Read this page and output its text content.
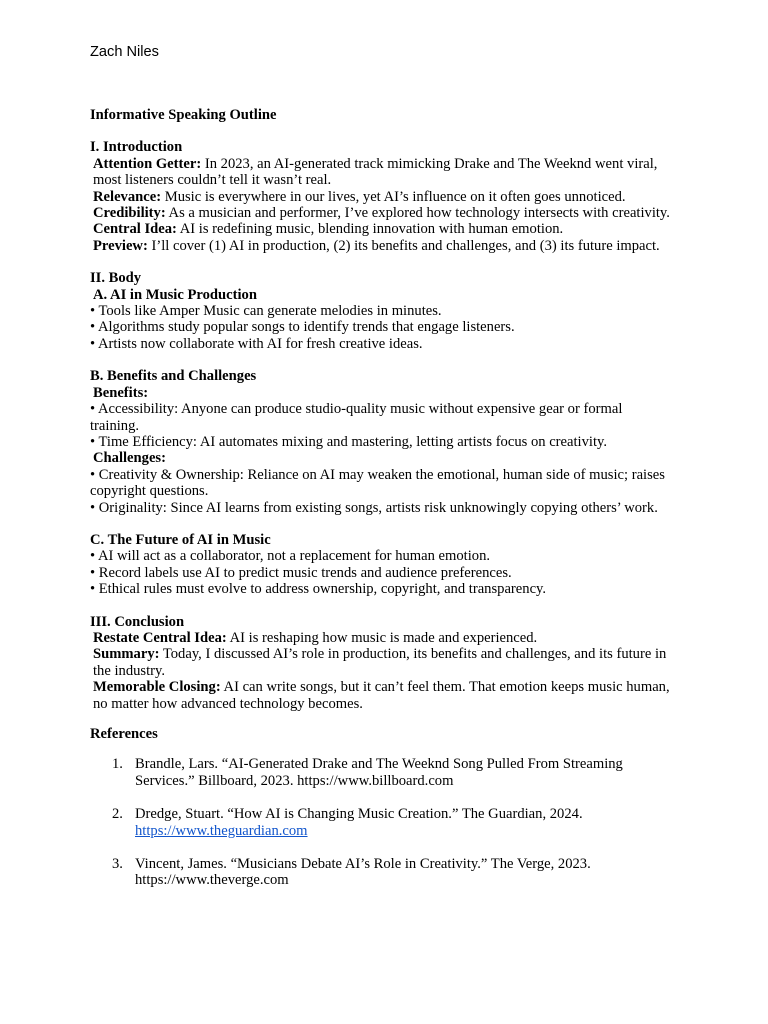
Zach Niles
Informative Speaking Outline
I. Introduction
Attention Getter: In 2023, an AI-generated track mimicking Drake and The Weeknd went viral, most listeners couldn’t tell it wasn’t real.
Relevance: Music is everywhere in our lives, yet AI’s influence on it often goes unnoticed.
Credibility: As a musician and performer, I’ve explored how technology intersects with creativity.
Central Idea: AI is redefining music, blending innovation with human emotion.
Preview: I’ll cover (1) AI in production, (2) its benefits and challenges, and (3) its future impact.
II. Body
A. AI in Music Production
• Tools like Amper Music can generate melodies in minutes.
• Algorithms study popular songs to identify trends that engage listeners.
• Artists now collaborate with AI for fresh creative ideas.
B. Benefits and Challenges
Benefits:
• Accessibility: Anyone can produce studio-quality music without expensive gear or formal training.
• Time Efficiency: AI automates mixing and mastering, letting artists focus on creativity.
Challenges:
• Creativity & Ownership: Reliance on AI may weaken the emotional, human side of music; raises copyright questions.
• Originality: Since AI learns from existing songs, artists risk unknowingly copying others’ work.
C. The Future of AI in Music
• AI will act as a collaborator, not a replacement for human emotion.
• Record labels use AI to predict music trends and audience preferences.
• Ethical rules must evolve to address ownership, copyright, and transparency.
III. Conclusion
Restate Central Idea: AI is reshaping how music is made and experienced.
Summary: Today, I discussed AI’s role in production, its benefits and challenges, and its future in the industry.
Memorable Closing: AI can write songs, but it can’t feel them. That emotion keeps music human, no matter how advanced technology becomes.
References
1. Brandle, Lars. “AI-Generated Drake and The Weeknd Song Pulled From Streaming Services.” Billboard, 2023. https://www.billboard.com
2. Dredge, Stuart. “How AI is Changing Music Creation.” The Guardian, 2024.
https://www.theguardian.com
3. Vincent, James. “Musicians Debate AI’s Role in Creativity.” The Verge, 2023. https://www.theverge.com
